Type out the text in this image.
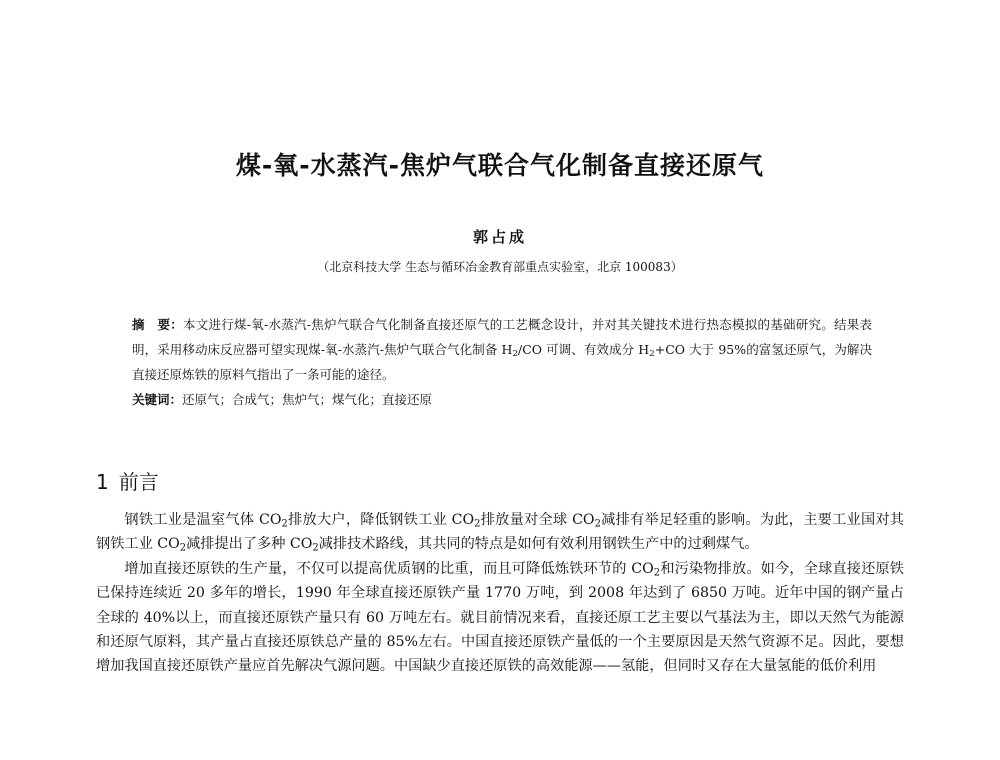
煤-氧-水蒸汽-焦炉气联合气化制备直接还原气
郭占成
（北京科技大学 生态与循环冶金教育部重点实验室，北京 100083）
摘　要：本文进行煤-氧-水蒸汽-焦炉气联合气化制备直接还原气的工艺概念设计，并对其关键技术进行热态模拟的基础研究。结果表明，采用移动床反应器可望实现煤-氧-水蒸汽-焦炉气联合气化制备 $H_2/CO$ 可调、有效成分 $H_2+CO$ 大于 95%的富氢还原气，为解决直接还原炼铁的原料气指出了一条可能的途径。
关键词：还原气；合成气；焦炉气；煤气化；直接还原
1 前言

钢铁工业是温室气体 $CO_2$排放大户，降低钢铁工业 $CO_2$排放量对全球 $CO_2$减排有举足轻重的影响。为此，主要工业国对其钢铁工业 $CO_2$减排提出了多种 $CO_2$减排技术路线，其共同的特点是如何有效利用钢铁生产中的过剩煤气。

增加直接还原铁的生产量，不仅可以提高优质钢的比重，而且可降低炼铁环节的 $CO_2$和污染物排放。如今，全球直接还原铁已保持连续近 20 多年的增长，1990 年全球直接还原铁产量 1770 万吨，到 2008 年达到了 6850 万吨。近年中国的钢产量占全球的 40%以上，而直接还原铁产量只有 60 万吨左右。就目前情况来看，直接还原工艺主要以气基法为主，即以天然气为能源和还原气原料，其产量占直接还原铁总产量的 85%左右。中国直接还原铁产量低的一个主要原因是天然气资源不足。因此，要想增加我国直接还原铁产量应首先解决气源问题。中国缺少直接还原铁的高效能源——氢能，但同时又存在大量氢能的低价利用
